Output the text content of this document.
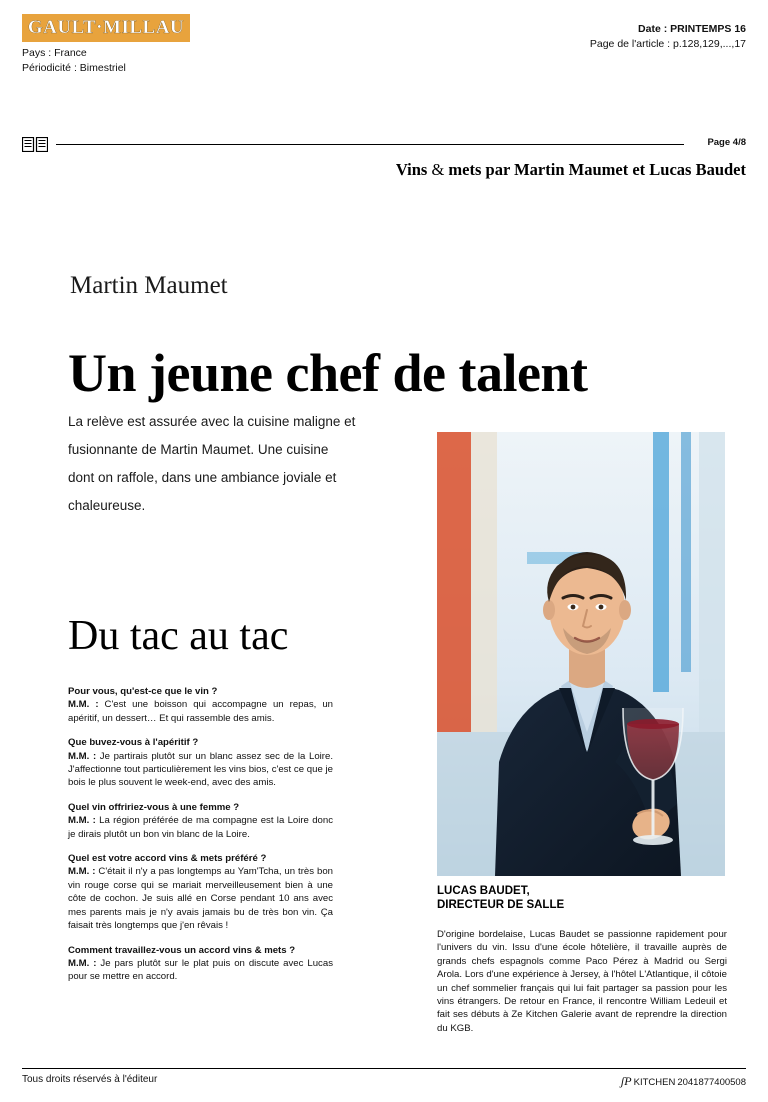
GAULT·MILLAU
Pays : France
Périodicité : Bimestriel
Date : PRINTEMPS 16
Page de l'article : p.128,129,...,17
Page 4/8
Vins & mets par Martin Maumet et Lucas Baudet
Martin Maumet
Un jeune chef de talent
La relève est assurée avec la cuisine maligne et fusionnante de Martin Maumet. Une cuisine dont on raffole, dans une ambiance joviale et chaleureuse.
Du tac au tac
Pour vous, qu'est-ce que le vin ?
M.M. : C'est une boisson qui accompagne un repas, un apéritif, un dessert… Et qui rassemble des amis.
Que buvez-vous à l'apéritif ?
M.M. : Je partirais plutôt sur un blanc assez sec de la Loire. J'affectionne tout particulièrement les vins bios, c'est ce que je bois le plus souvent le week-end, avec des amis.
Quel vin offririez-vous à une femme ?
M.M. : La région préférée de ma compagne est la Loire donc je dirais plutôt un bon vin blanc de la Loire.
Quel est votre accord vins & mets préféré ?
M.M. : C'était il n'y a pas longtemps au Yam'Tcha, un très bon vin rouge corse qui se mariait merveilleusement bien à une côte de cochon. Je suis allé en Corse pendant 10 ans avec mes parents mais je n'y avais jamais bu de très bon vin. Ça faisait très longtemps que j'en rêvais !
Comment travaillez-vous un accord vins & mets ?
M.M. : Je pars plutôt sur le plat puis on discute avec Lucas pour se mettre en accord.
LUCAS BAUDET,
DIRECTEUR DE SALLE
D'origine bordelaise, Lucas Baudet se passionne rapidement pour l'univers du vin. Issu d'une école hôtelière, il travaille auprès de grands chefs espagnols comme Paco Pérez à Madrid ou Sergi Arola. Lors d'une expérience à Jersey, à l'hôtel L'Atlantique, il côtoie un chef sommelier français qui lui fait partager sa passion pour les vins étrangers. De retour en France, il rencontre William Ledeuil et fait ses débuts à Ze Kitchen Galerie avant de reprendre la direction du KGB.
Tous droits réservés à l'éditeur	ʃP KITCHEN 2041877400508
